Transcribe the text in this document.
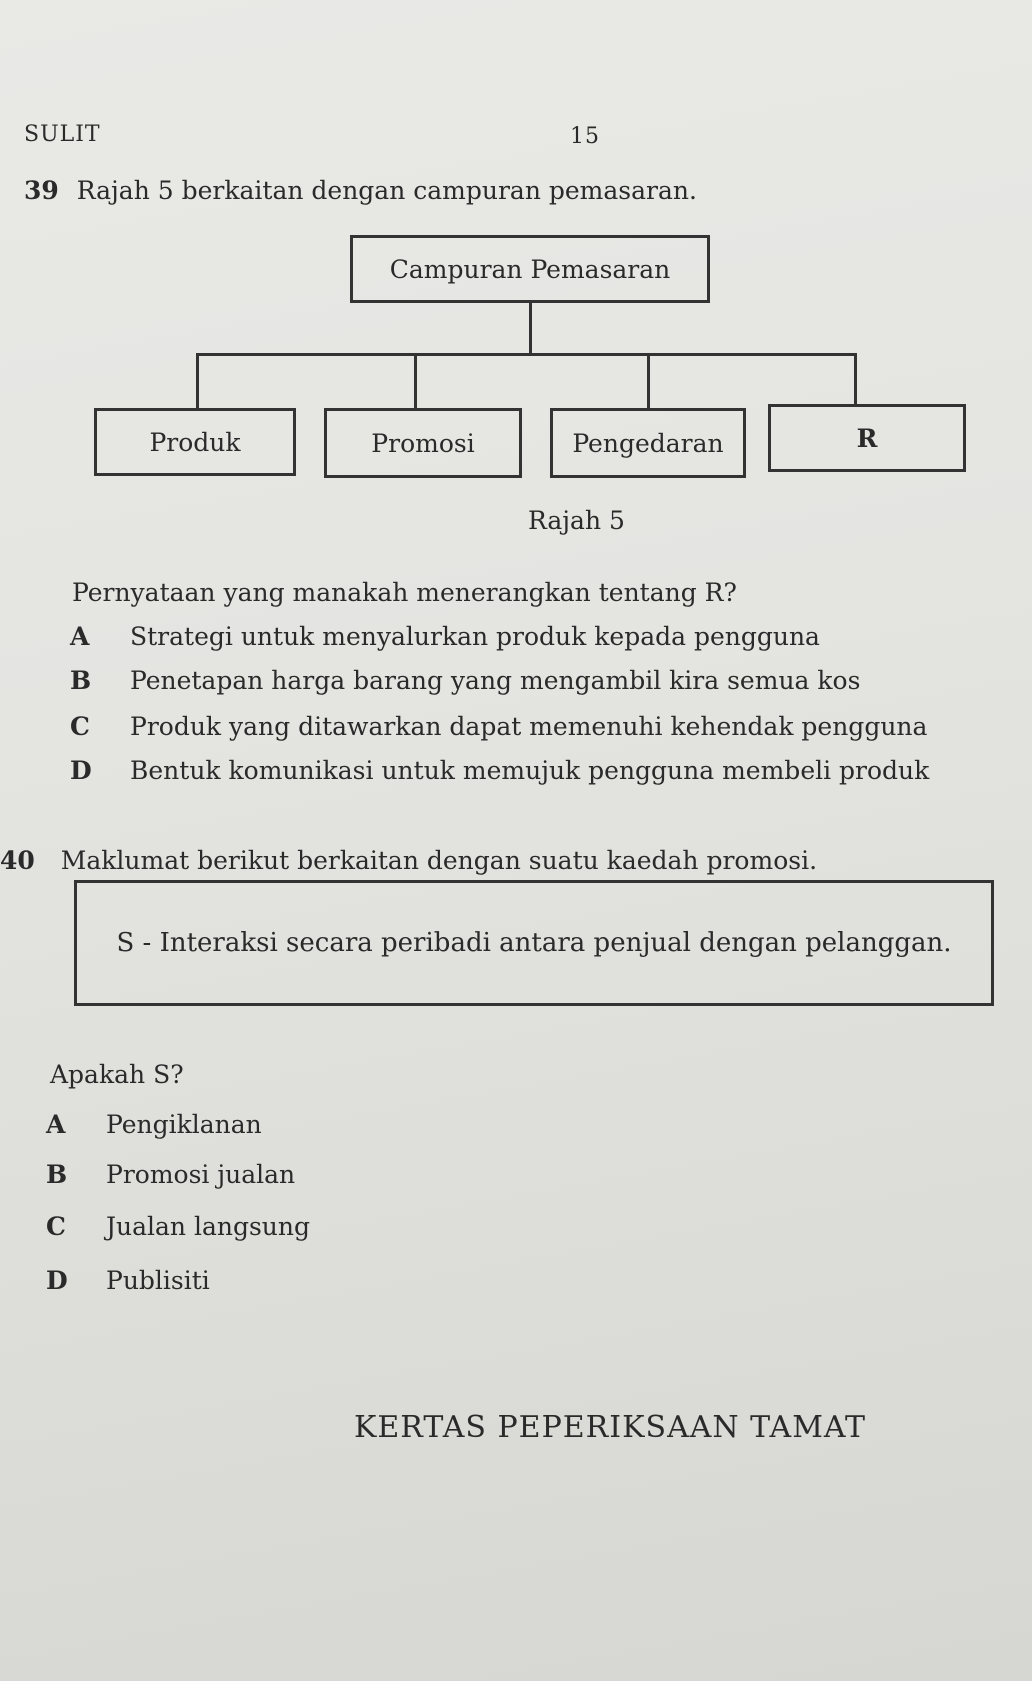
SULIT	15
39 Rajah 5 berkaitan dengan campuran pemasaran.
Campuran Pemasaran
Produk	Promosi	Pengedaran	R
Rajah 5
Pernyataan yang manakah menerangkan tentang R?
A Strategi untuk menyalurkan produk kepada pengguna
B Penetapan harga barang yang mengambil kira semua kos
C Produk yang ditawarkan dapat memenuhi kehendak pengguna
D Bentuk komunikasi untuk memujuk pengguna membeli produk
40 Maklumat berikut berkaitan dengan suatu kaedah promosi.
S - Interaksi secara peribadi antara penjual dengan pelanggan.
Apakah S?
A Pengiklanan
B Promosi jualan
C Jualan langsung
D Publisiti
KERTAS PEPERIKSAAN TAMAT
